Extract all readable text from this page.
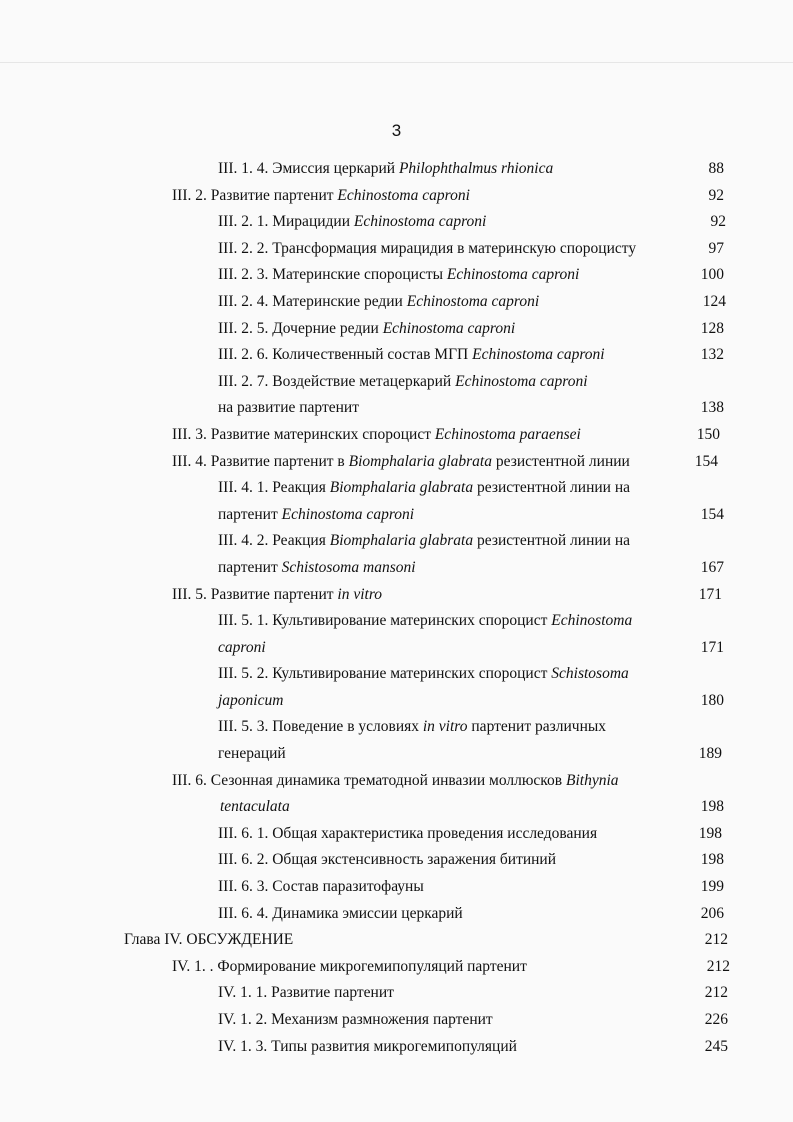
3
III. 1. 4. Эмиссия церкарий Philophthalmus rhionica	88
III. 2. Развитие партенит Echinostoma caproni	92
III. 2. 1. Мирацидии Echinostoma caproni	92
III. 2. 2. Трансформация мирацидия в материнскую спороцисту	97
III. 2. 3. Материнские спороцисты Echinostoma caproni	100
III. 2. 4. Материнские редии Echinostoma caproni	124
III. 2. 5. Дочерние редии Echinostoma caproni	128
III. 2. 6. Количественный состав МГП Echinostoma caproni	132
III. 2. 7. Воздействие метацеркарий Echinostoma caproni
на развитие партенит	138
III. 3. Развитие материнских спороцист Echinostoma paraensei	150
III. 4. Развитие партенит в Biomphalaria glabrata резистентной линии	154
III. 4. 1. Реакция Biomphalaria glabrata резистентной линии на
партенит Echinostoma caproni	154
III. 4. 2. Реакция Biomphalaria glabrata резистентной линии на
партенит Schistosoma mansoni	167
III. 5. Развитие партенит in vitro	171
III. 5. 1. Культивирование материнских спороцист Echinostoma
caproni	171
III. 5. 2. Культивирование материнских спороцист Schistosoma
japonicum	180
III. 5. 3. Поведение в условиях in vitro партенит различных
генераций	189
III. 6. Сезонная динамика трематодной инвазии моллюсков Bithynia
tentaculata	198
III. 6. 1. Общая характеристика проведения исследования	198
III. 6. 2. Общая экстенсивность заражения битиний	198
III. 6. 3. Состав паразитофауны	199
III. 6. 4. Динамика эмиссии церкарий	206
Глава IV. ОБСУЖДЕНИЕ	212
IV. 1. . Формирование микрогемипопуляций партенит	212
IV. 1. 1. Развитие партенит	212
IV. 1. 2. Механизм размножения партенит	226
IV. 1. 3. Типы развития микрогемипопуляций	245
